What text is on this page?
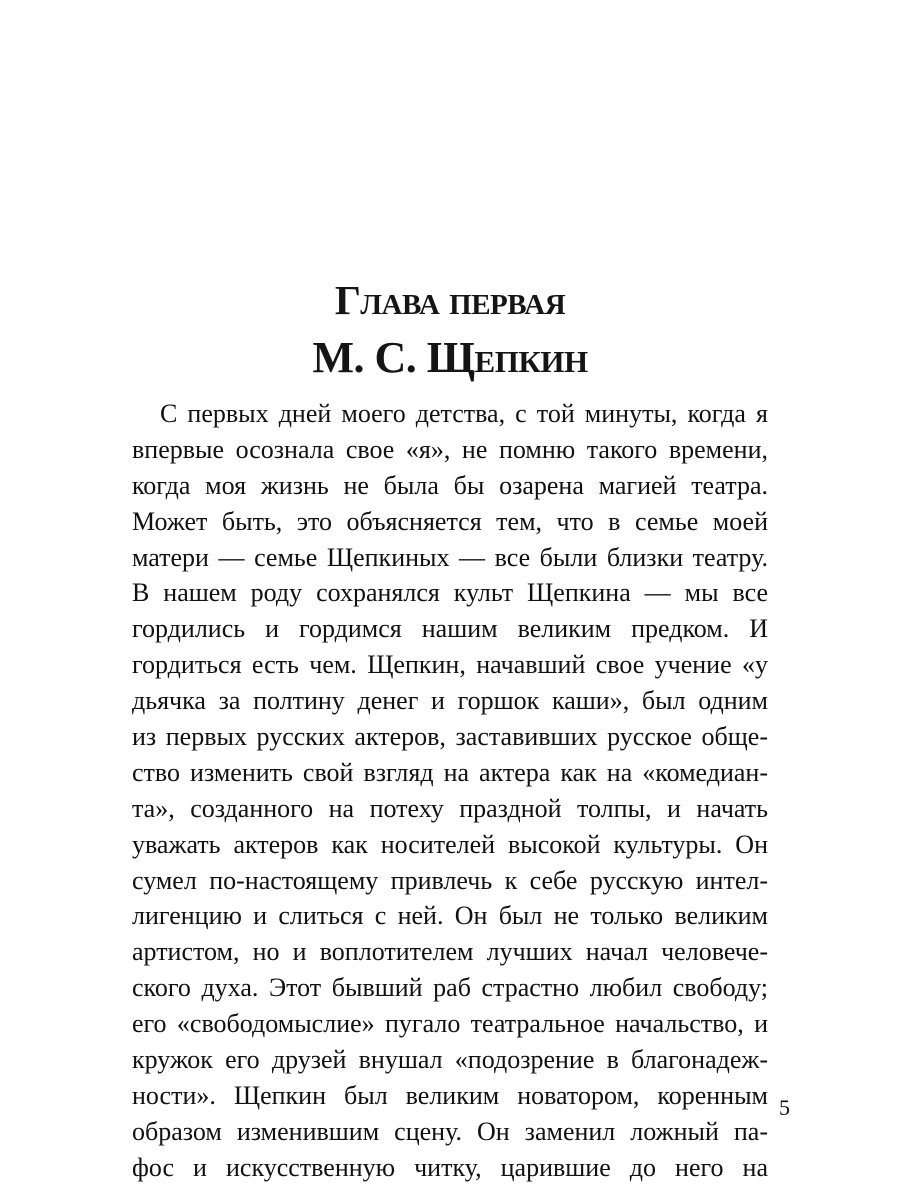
Глава первая
М. С. Щепкин
С первых дней моего детства, с той минуты, когда я
впервые осознала свое «я», не помню такого времени,
когда моя жизнь не была бы озарена магией театра.
Может быть, это объясняется тем, что в семье моей
матери — семье Щепкиных — все были близки театру.
В нашем роду сохранялся культ Щепкина — мы все
гордились и гордимся нашим великим предком. И
гордиться есть чем. Щепкин, начавший свое учение «у
дьячка за полтину денег и горшок каши», был одним
из первых русских актеров, заставивших русское обще-
ство изменить свой взгляд на актера как на «комедиан-
та», созданного на потеху праздной толпы, и начать
уважать актеров как носителей высокой культуры. Он
сумел по-настоящему привлечь к себе русскую интел-
лигенцию и слиться с ней. Он был не только великим
артистом, но и воплотителем лучших начал человече-
ского духа. Этот бывший раб страстно любил свободу;
его «свободомыслие» пугало театральное начальство, и
кружок его друзей внушал «подозрение в благонадеж-
ности». Щепкин был великим новатором, коренным
образом изменившим сцену. Он заменил ложный па-
фос и искусственную читку, царившие до него на
5
